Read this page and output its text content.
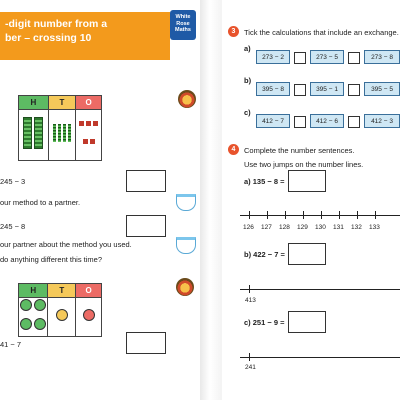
-digit number from a
ber – crossing 10
White Rose Maths
H	T	O

245 − 3
our method to a partner.
245 − 8
our partner about the method you used.
do anything different this time?
H	T	O

41 − 7
3	Tick the calculations that include an exchange.
a)
273 − 2	273 − 5	273 − 8
b)
395 − 8	395 − 1	395 − 5
c)
412 − 7	412 − 6	412 − 3
4	Complete the number sentences.
Use two jumps on the number lines.
a) 135 − 8 =
126 127 128 129 130 131 132 133
b) 422 − 7 =
413
c) 251 − 9 =
241
